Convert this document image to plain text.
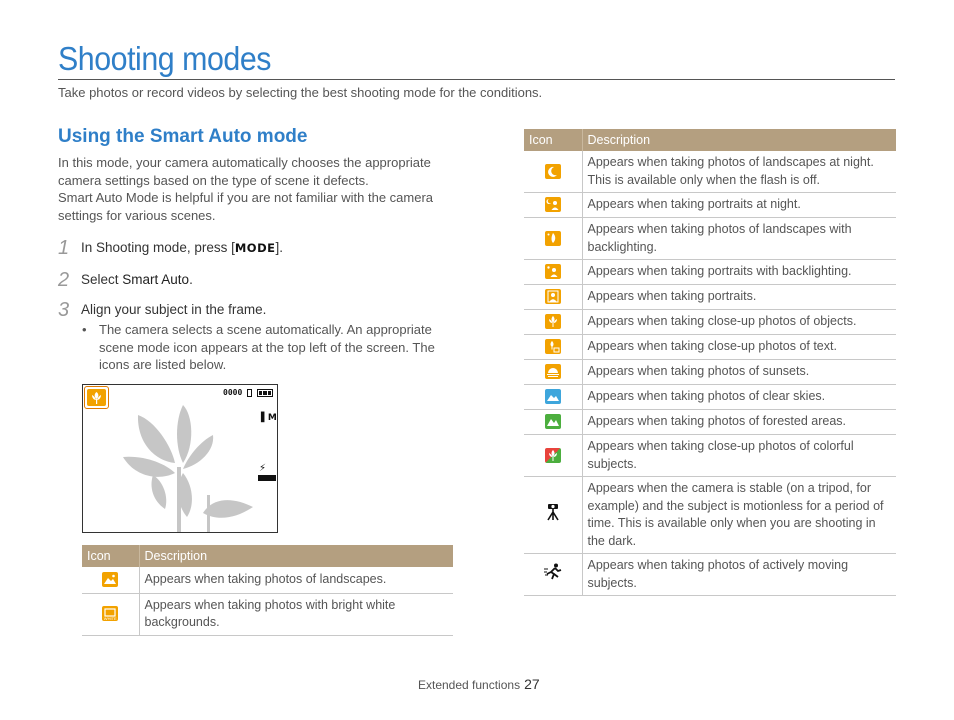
Shooting modes

Take photos or record videos by selecting the best shooting mode for the conditions.

Using the Smart Auto mode
In this mode, your camera automatically chooses the appropriate camera settings based on the type of scene it defects.
Smart Auto Mode is helpful if you are not familiar with the camera settings for various scenes.
1 In Shooting mode, press [MODE].
2 Select Smart Auto.
3 Align your subject in the frame.
• The camera selects a scene automatically. An appropriate scene mode icon appears at the top left of the screen. The icons are listed below.
0000
▌M
⚡
Icon	Description

	Appears when taking photos of landscapes.

WHITE	Appears when taking photos with bright white backgrounds.
Icon	Description

	Appears when taking photos of landscapes at night. This is available only when the flash is off.

	Appears when taking portraits at night.

	Appears when taking photos of landscapes with backlighting.

	Appears when taking portraits with backlighting.

	Appears when taking portraits.

	Appears when taking close-up photos of objects.

	Appears when taking close-up photos of text.

	Appears when taking photos of sunsets.

	Appears when taking photos of clear skies.

	Appears when taking photos of forested areas.

	Appears when taking close-up photos of colorful subjects.
	Appears when the camera is stable (on a tripod, for example) and the subject is motionless for a period of time. This is available only when you are shooting in the dark.
	Appears when taking photos of actively moving subjects.
Extended functions 27
